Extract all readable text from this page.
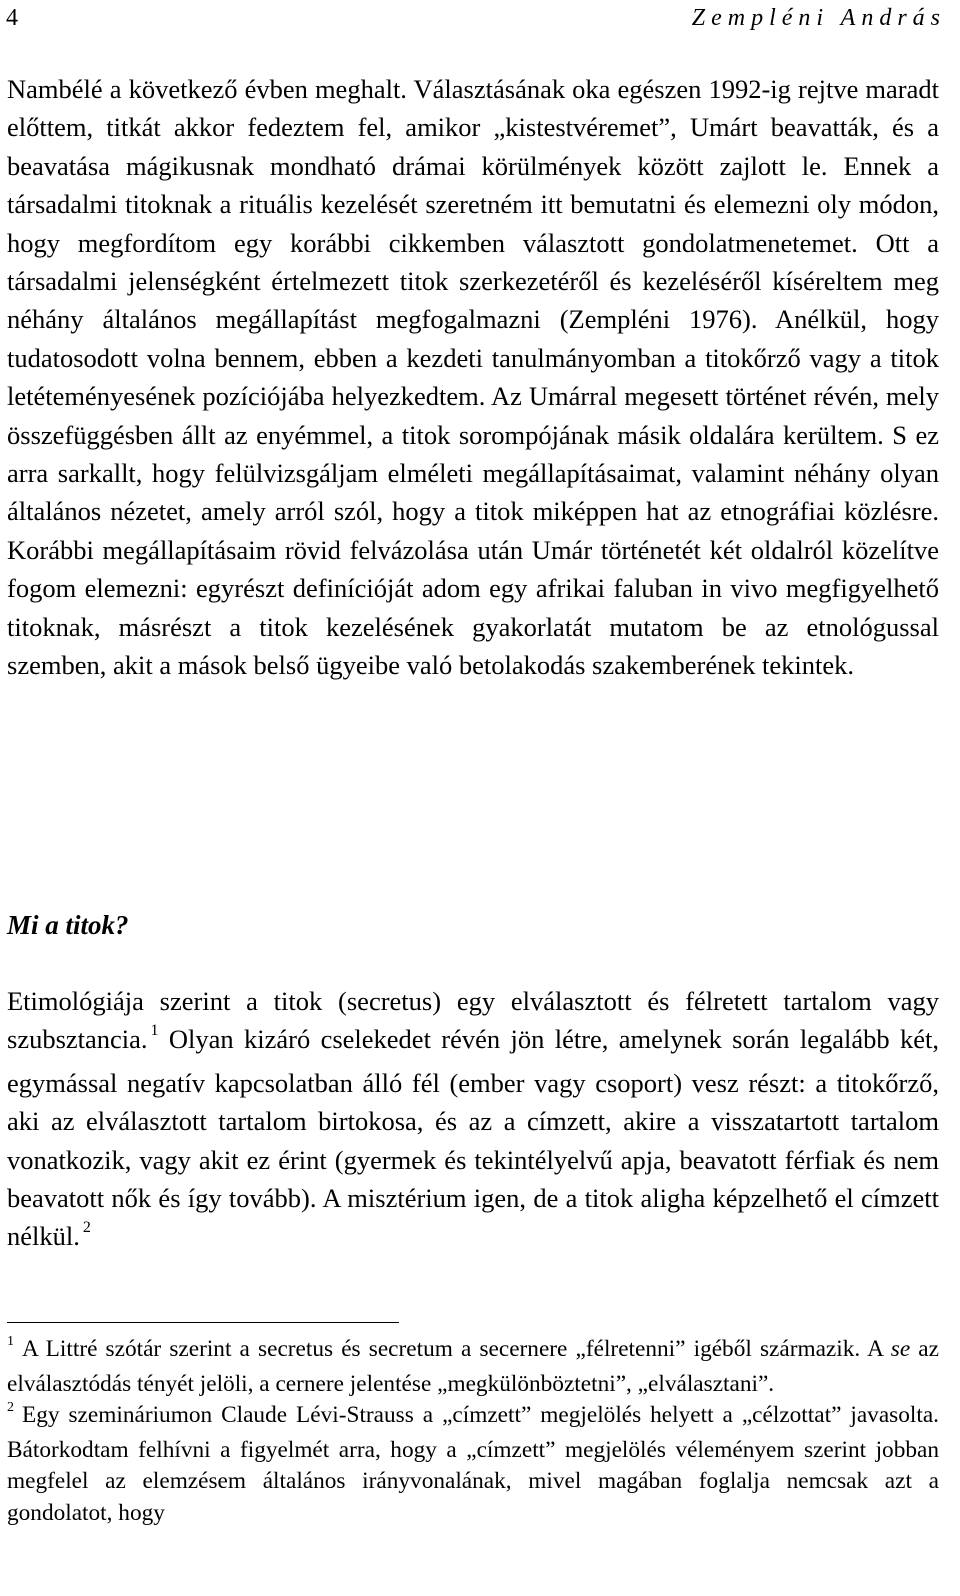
4	Zempléni András

Nambélé a következő évben meghalt. Választásának oka egészen 1992-ig rejtve maradt előttem, titkát akkor fedeztem fel, amikor „kistestvéremet”, Umárt beavatták, és a beavatása mágikusnak mondható drámai körülmények között zajlott le. Ennek a társadalmi titoknak a rituális kezelését szeretném itt bemutatni és elemezni oly módon, hogy megfordítom egy korábbi cikkemben választott gondolatmenetemet. Ott a társadalmi jelenségként értelmezett titok szerkezetéről és kezeléséről kíséreltem meg néhány általános megállapítást megfogalmazni (Zempléni 1976). Anélkül, hogy tudatosodott volna bennem, ebben a kezdeti tanulmányomban a titokőrző vagy a titok letéteményesének pozíciójába helyezkedtem. Az Umárral megesett történet révén, mely összefüggésben állt az enyémmel, a titok sorompójának másik oldalára kerültem. S ez arra sarkallt, hogy felülvizsgáljam elméleti megállapításaimat, valamint néhány olyan általános nézetet, amely arról szól, hogy a titok miképpen hat az etnográfiai közlésre. Korábbi megállapításaim rövid felvázolása után Umár történetét két oldalról közelítve fogom elemezni: egyrészt definícióját adom egy afrikai faluban in vivo megfigyelhető titoknak, másrészt a titok kezelésének gyakorlatát mutatom be az etnológussal szemben, akit a mások belső ügyeibe való betolakodás szakemberének tekintek.

Mi a titok?

Etimológiája szerint a titok (secretus) egy elválasztott és félretett tartalom vagy szubsztancia. $^1$ Olyan kizáró cselekedet révén jön létre, amelynek során legalább két, egymással negatív kapcsolatban álló fél (ember vagy csoport) vesz részt: a titokőrző, aki az elválasztott tartalom birtokosa, és az a címzett, akire a visszatartott tartalom vonatkozik, vagy akit ez érint (gyermek és tekintélyelvű apja, beavatott férfiak és nem beavatott nők és így tovább). A misztérium igen, de a titok aligha képzelhető el címzett nélkül. $^2$

$^1$ A Littré szótár szerint a secretus és secretum a secernere „félretenni” igéből származik. A se az elválasztódás tényét jelöli, a cernere jelentése „megkülönböztetni”, „elválasztani”.

$^2$ Egy szemináriumon Claude Lévi-Strauss a „címzett” megjelölés helyett a „célzottat” javasolta. Bátorkodtam felhívni a figyelmét arra, hogy a „címzett” megjelölés véleményem szerint jobban megfelel az elemzésem általános irányvonalának, mivel magában foglalja nemcsak azt a gondolatot, hogy
